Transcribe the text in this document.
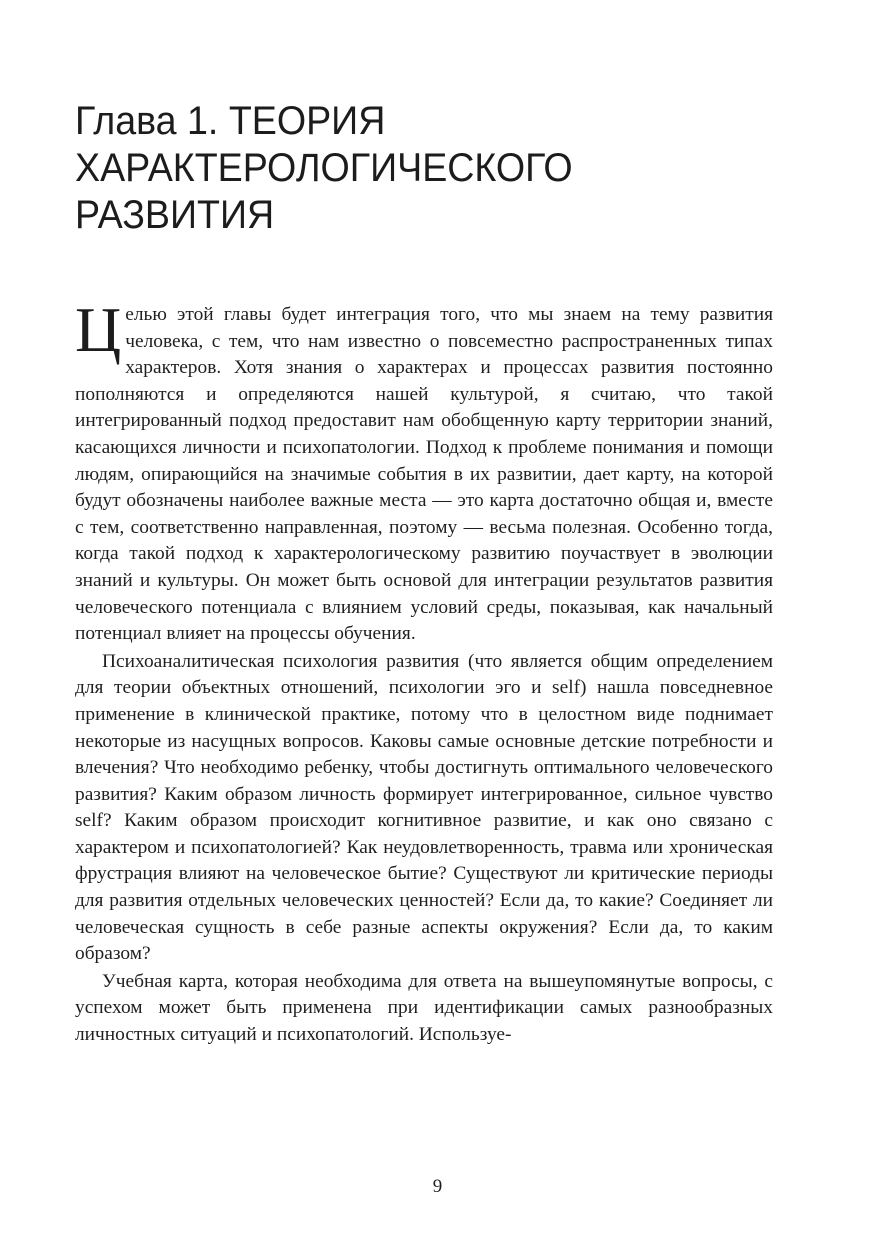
Глава 1. ТЕОРИЯ
ХАРАКТЕРОЛОГИЧЕСКОГО
РАЗВИТИЯ

Целью этой главы будет интеграция того, что мы знаем на тему развития человека, с тем, что нам известно о повсеместно распространенных типах характеров. Хотя знания о характерах и процессах развития постоянно пополняются и определяются нашей культурой, я считаю, что такой интегрированный подход предоставит нам обобщенную карту территории знаний, касающихся личности и психопатологии. Подход к проблеме понимания и помощи людям, опирающийся на значимые события в их развитии, дает карту, на которой будут обозначены наиболее важные места — это карта достаточно общая и, вместе с тем, соответственно направленная, поэтому — весьма полезная. Особенно тогда, когда такой подход к характерологическому развитию поучаствует в эволюции знаний и культуры. Он может быть основой для интеграции результатов развития человеческого потенциала с влиянием условий среды, показывая, как начальный потенциал влияет на процессы обучения.

Психоаналитическая психология развития (что является общим определением для теории объектных отношений, психологии эго и self) нашла повседневное применение в клинической практике, потому что в целостном виде поднимает некоторые из насущных вопросов. Каковы самые основные детские потребности и влечения? Что необходимо ребенку, чтобы достигнуть оптимального человеческого развития? Каким образом личность формирует интегрированное, сильное чувство self? Каким образом происходит когнитивное развитие, и как оно связано с характером и психопатологией? Как неудовлетворенность, травма или хроническая фрустрация влияют на человеческое бытие? Существуют ли критические периоды для развития отдельных человеческих ценностей? Если да, то какие? Соединяет ли человеческая сущность в себе разные аспекты окружения? Если да, то каким образом?

Учебная карта, которая необходима для ответа на вышеупомянутые вопросы, с успехом может быть применена при идентификации самых разнообразных личностных ситуаций и психопатологий. Используе-

9
